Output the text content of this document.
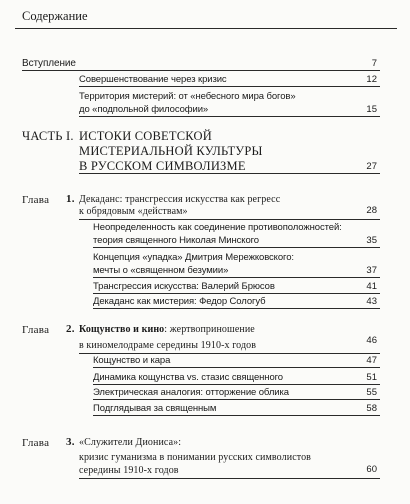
Содержание
Вступление	7
Совершенствование через кризис	12
Территория мистерий: от «небесного мира богов»
до «подпольной философии»	15
ЧАСТЬ I. ИСТОКИ СОВЕТСКОЙ
МИСТЕРИАЛЬНОЙ КУЛЬТУРЫ
В РУССКОМ СИМВОЛИЗМЕ	27
Глава 1. Декаданс: трансгрессия искусства как регресс
к обрядовым «действам»	28
Неопределенность как соединение противоположностей:
теория священного Николая Минского	35
Концепция «упадка» Дмитрия Мережковского:
мечты о «священном безумии»	37
Трансгрессия искусства: Валерий Брюсов	41
Декаданс как мистерия: Федор Сологуб	43
Глава 2. Кощунство и кино: жертвоприношение
в киномелодраме середины 1910-х годов	46
Кощунство и кара	47
Динамика кощунства vs. стазис священного	51
Электрическая аналогия: отторжение облика	55
Подглядывая за священным	58
Глава 3. «Служители Диониса»:
кризис гуманизма в понимании русских символистов
середины 1910-х годов	60
